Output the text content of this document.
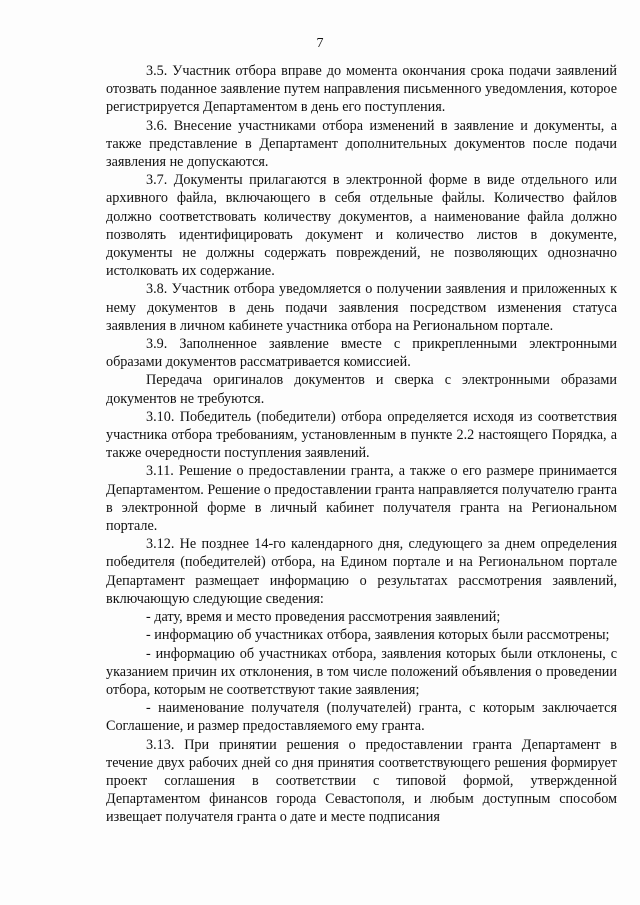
7

3.5. Участник отбора вправе до момента окончания срока подачи заявлений отозвать поданное заявление путем направления письменного уведомления, которое регистрируется Департаментом в день его поступления.

3.6. Внесение участниками отбора изменений в заявление и документы, а также представление в Департамент дополнительных документов после подачи заявления не допускаются.

3.7. Документы прилагаются в электронной форме в виде отдельного или архивного файла, включающего в себя отдельные файлы. Количество файлов должно соответствовать количеству документов, а наименование файла должно позволять идентифицировать документ и количество листов в документе, документы не должны содержать повреждений, не позволяющих однозначно истолковать их содержание.

3.8. Участник отбора уведомляется о получении заявления и приложенных к нему документов в день подачи заявления посредством изменения статуса заявления в личном кабинете участника отбора на Региональном портале.

3.9. Заполненное заявление вместе с прикрепленными электронными образами документов рассматривается комиссией.

Передача оригиналов документов и сверка с электронными образами документов не требуются.

3.10. Победитель (победители) отбора определяется исходя из соответствия участника отбора требованиям, установленным в пункте 2.2 настоящего Порядка, а также очередности поступления заявлений.

3.11. Решение о предоставлении гранта, а также о его размере принимается Департаментом. Решение о предоставлении гранта направляется получателю гранта в электронной форме в личный кабинет получателя гранта на Региональном портале.

3.12. Не позднее 14-го календарного дня, следующего за днем определения победителя (победителей) отбора, на Едином портале и на Региональном портале Департамент размещает информацию о результатах рассмотрения заявлений, включающую следующие сведения:

- дату, время и место проведения рассмотрения заявлений;

- информацию об участниках отбора, заявления которых были рассмотрены;

- информацию об участниках отбора, заявления которых были отклонены, с указанием причин их отклонения, в том числе положений объявления о проведении отбора, которым не соответствуют такие заявления;

- наименование получателя (получателей) гранта, с которым заключается Соглашение, и размер предоставляемого ему гранта.

3.13. При принятии решения о предоставлении гранта Департамент в течение двух рабочих дней со дня принятия соответствующего решения формирует проект соглашения в соответствии с типовой формой, утвержденной Департаментом финансов города Севастополя, и любым доступным способом извещает получателя гранта о дате и месте подписания
